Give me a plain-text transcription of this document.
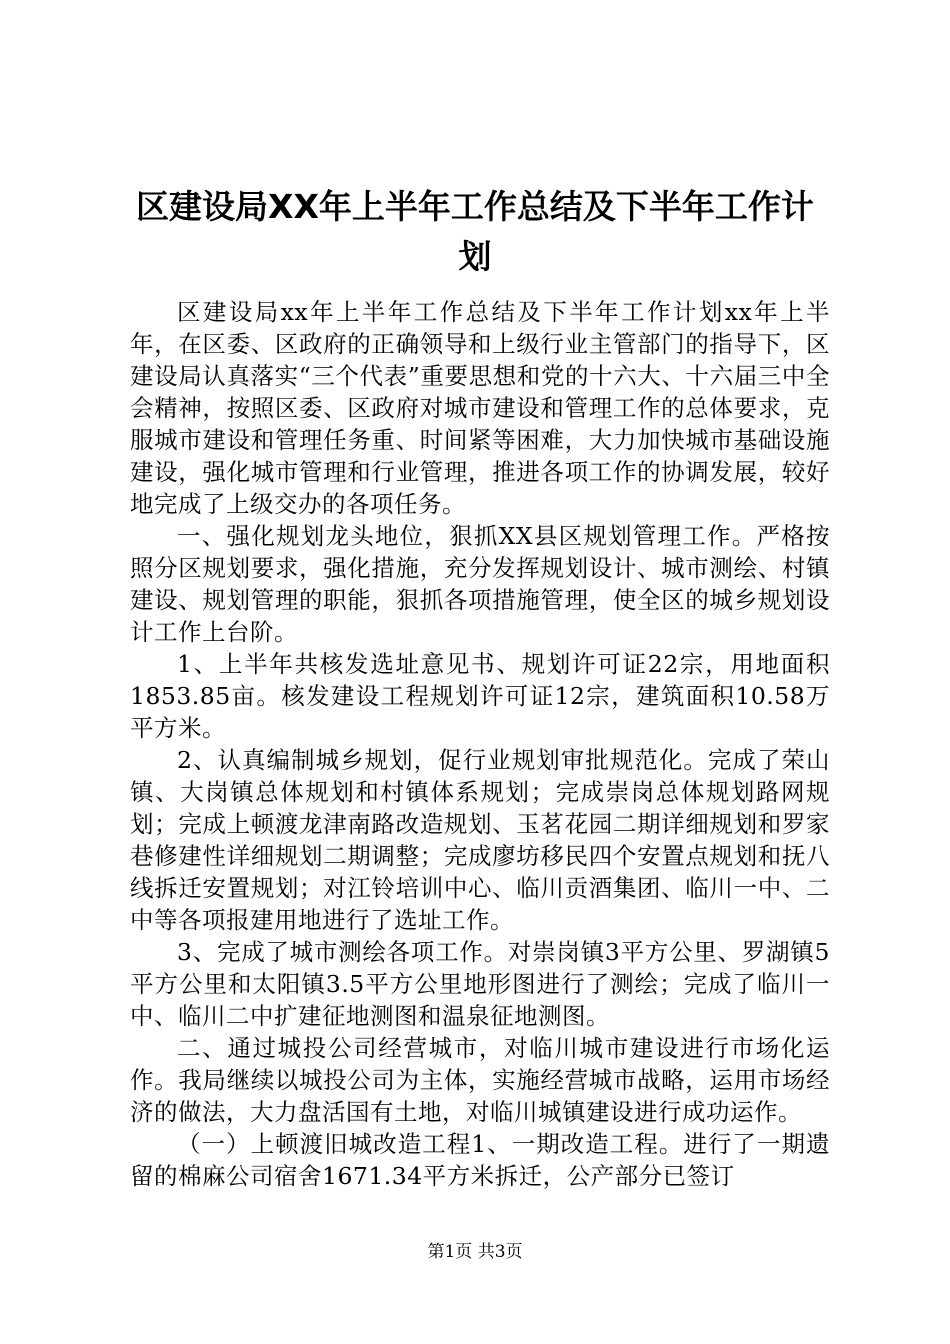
区建设局XX年上半年工作总结及下半年工作计划

区建设局xx年上半年工作总结及下半年工作计划xx年上半年，在区委、区政府的正确领导和上级行业主管部门的指导下，区建设局认真落实“三个代表”重要思想和党的十六大、十六届三中全会精神，按照区委、区政府对城市建设和管理工作的总体要求，克服城市建设和管理任务重、时间紧等困难，大力加快城市基础设施建设，强化城市管理和行业管理，推进各项工作的协调发展，较好地完成了上级交办的各项任务。

一、强化规划龙头地位，狠抓XX县区规划管理工作。严格按照分区规划要求，强化措施，充分发挥规划设计、城市测绘、村镇建设、规划管理的职能，狠抓各项措施管理，使全区的城乡规划设计工作上台阶。

1、上半年共核发选址意见书、规划许可证22宗，用地面积1853.85亩。核发建设工程规划许可证12宗，建筑面积10.58万平方米。

2、认真编制城乡规划，促行业规划审批规范化。完成了荣山镇、大岗镇总体规划和村镇体系规划；完成崇岗总体规划路网规划；完成上顿渡龙津南路改造规划、玉茗花园二期详细规划和罗家巷修建性详细规划二期调整；完成廖坊移民四个安置点规划和抚八线拆迁安置规划；对江铃培训中心、临川贡酒集团、临川一中、二中等各项报建用地进行了选址工作。

3、完成了城市测绘各项工作。对崇岗镇3平方公里、罗湖镇5平方公里和太阳镇3.5平方公里地形图进行了测绘；完成了临川一中、临川二中扩建征地测图和温泉征地测图。

二、通过城投公司经营城市，对临川城市建设进行市场化运作。我局继续以城投公司为主体，实施经营城市战略，运用市场经济的做法，大力盘活国有土地，对临川城镇建设进行成功运作。

（一）上顿渡旧城改造工程1、一期改造工程。进行了一期遗留的棉麻公司宿舍1671.34平方米拆迁，公产部分已签订

第1页 共3页
